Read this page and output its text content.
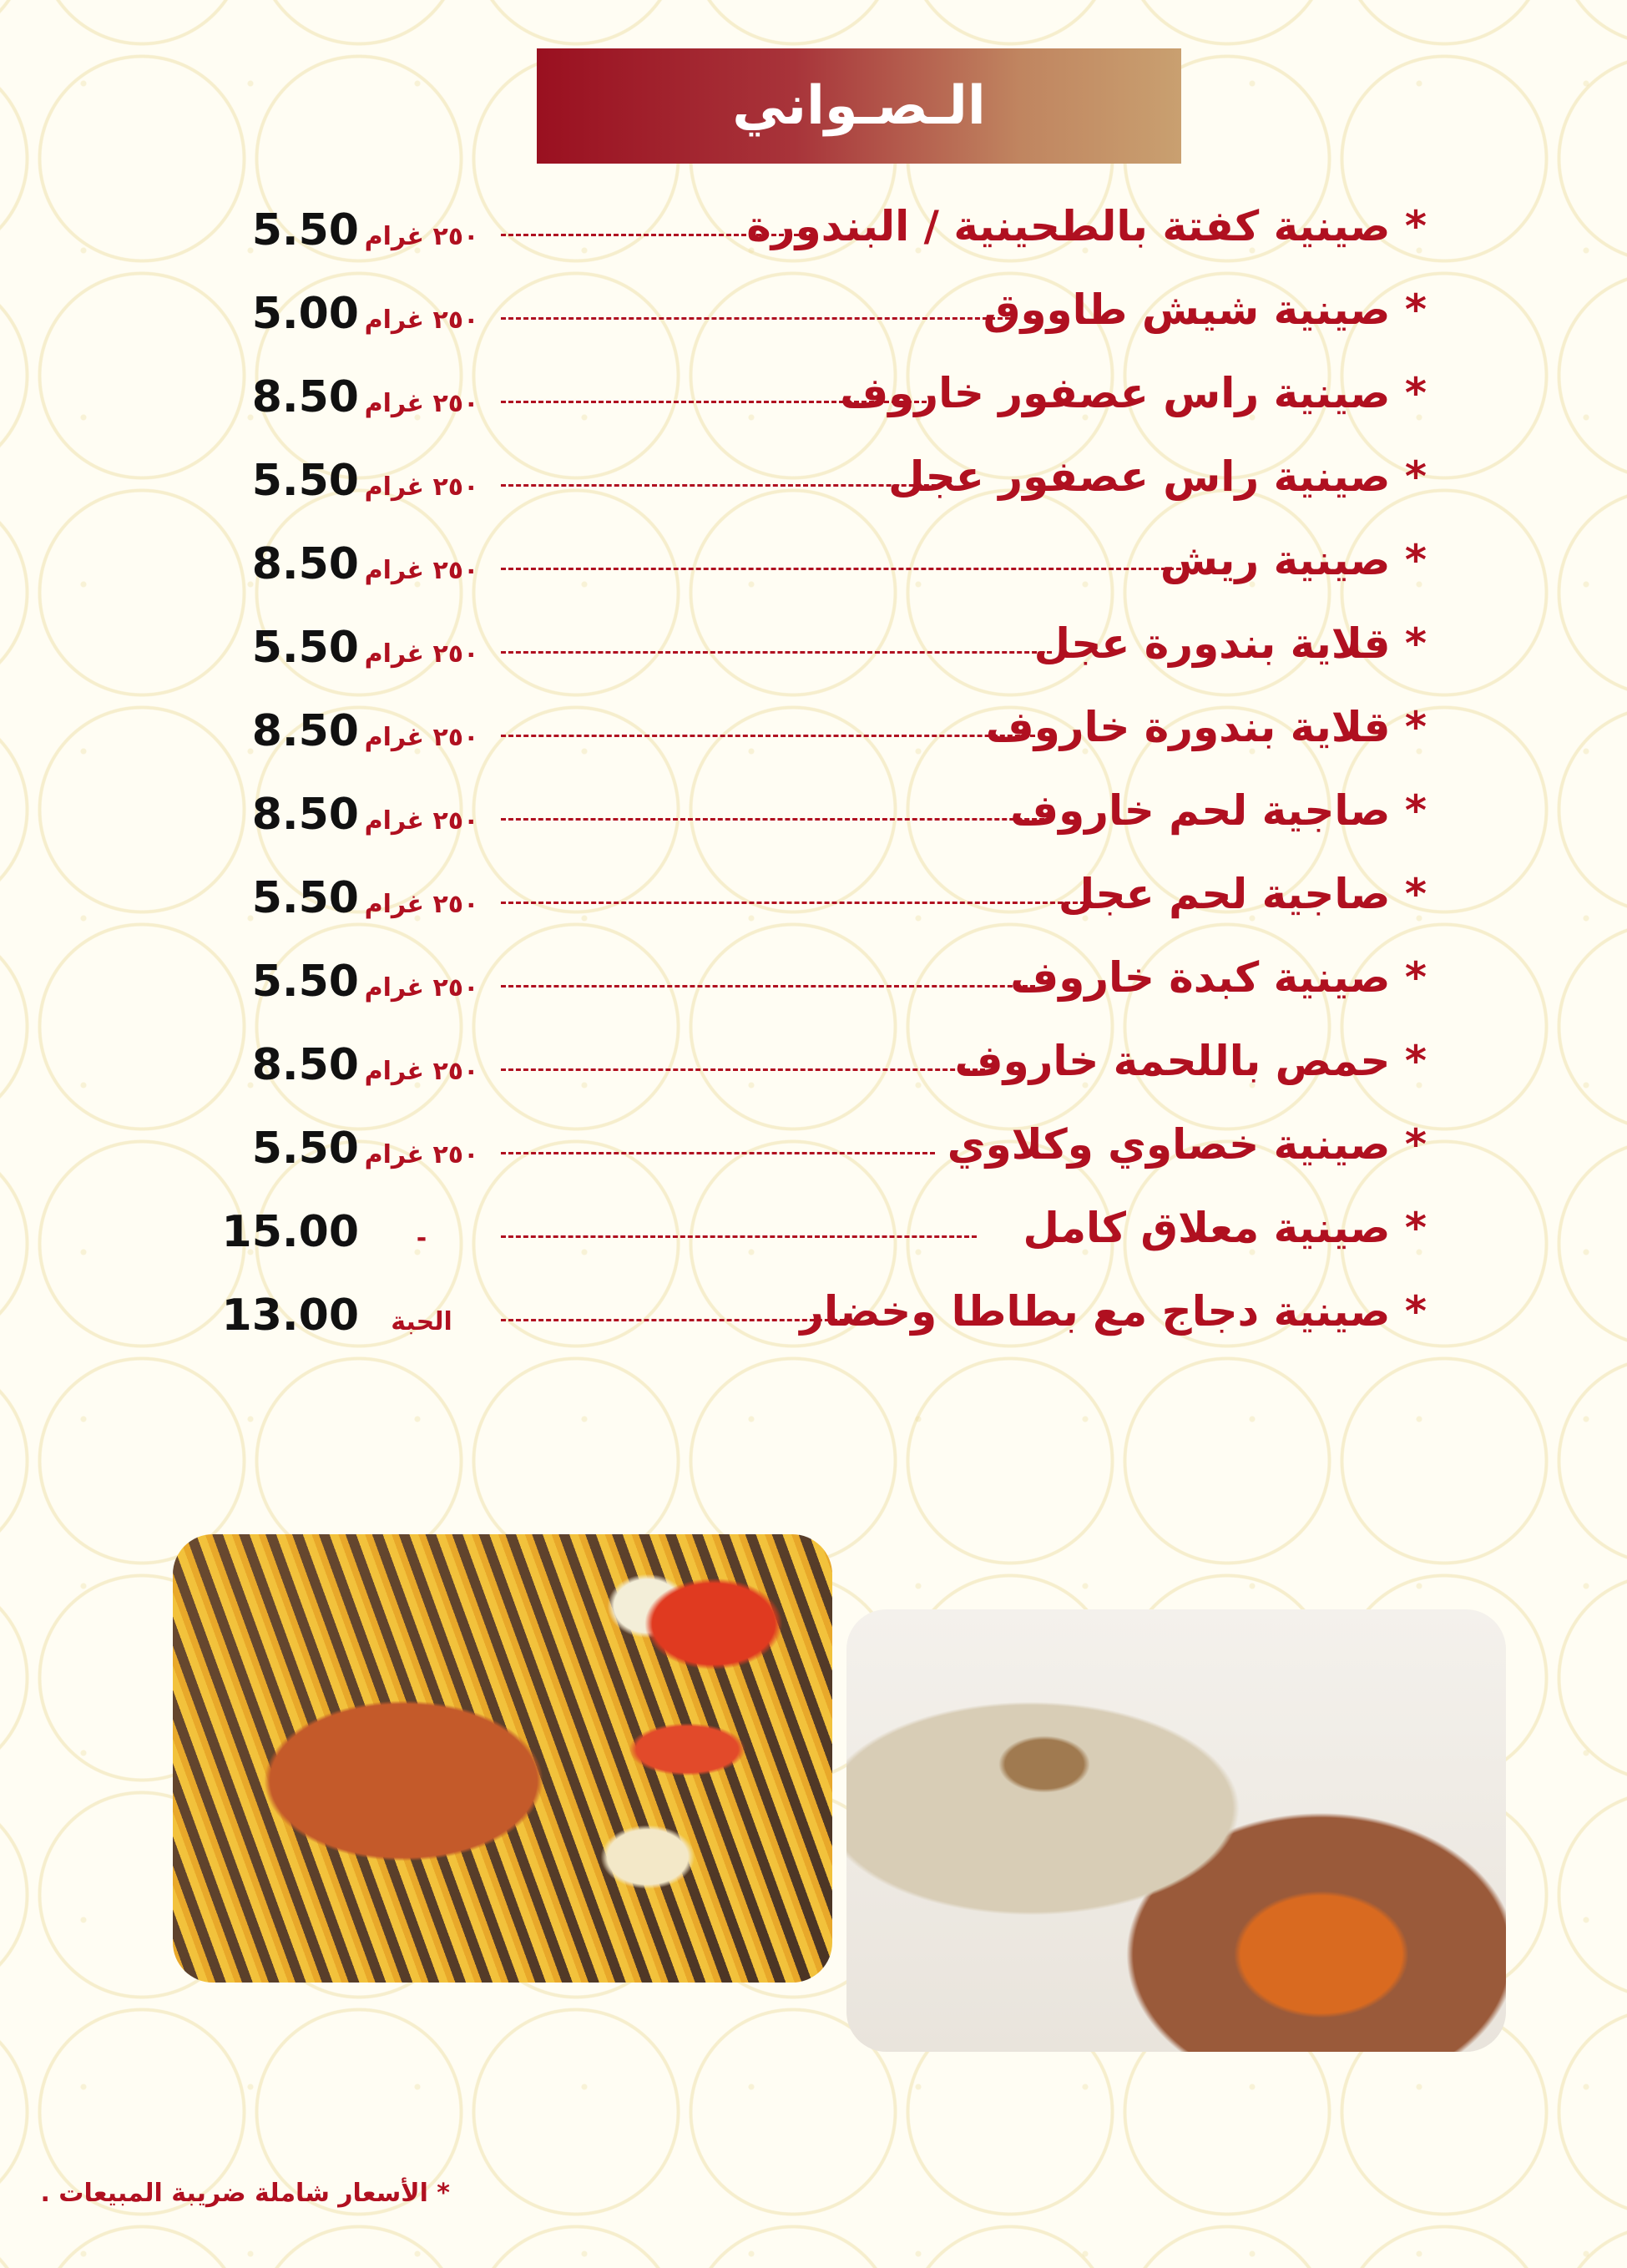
الـصـواني
* صينية كفتة بالطحينية / البندورة
٢٥٠ غرام
5.50
* صينية شيش طاووق
٢٥٠ غرام
5.00
* صينية راس عصفور خاروف
٢٥٠ غرام
8.50
* صينية راس عصفور عجل
٢٥٠ غرام
5.50
* صينية ريش
٢٥٠ غرام
8.50
* قلاية بندورة عجل
٢٥٠ غرام
5.50
* قلاية بندورة خاروف
٢٥٠ غرام
8.50
* صاجية لحم خاروف
٢٥٠ غرام
8.50
* صاجية لحم عجل
٢٥٠ غرام
5.50
* صينية كبدة خاروف
٢٥٠ غرام
5.50
* حمص باللحمة خاروف
٢٥٠ غرام
8.50
* صينية خصاوي وكلاوي
٢٥٠ غرام
5.50
* صينية معلاق كامل
-
15.00
* صينية دجاج مع بطاطا وخضار
الحبة
13.00
* الأسعار شاملة ضريبة المبيعات .
